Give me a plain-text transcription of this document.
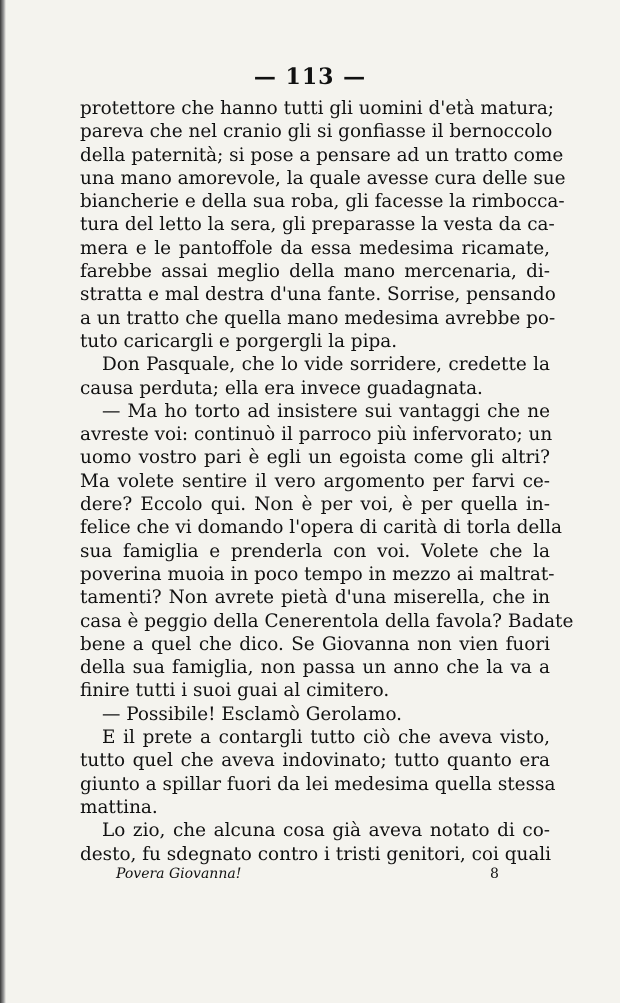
— 113 —
protettore che hanno tutti gli uomini d'età matura;
pareva che nel cranio gli si gonfiasse il bernoccolo
della paternità; si pose a pensare ad un tratto come
una mano amorevole, la quale avesse cura delle sue
biancherie e della sua roba, gli facesse la rimbocca-
tura del letto la sera, gli preparasse la vesta da ca-
mera e le pantoffole da essa medesima ricamate,
farebbe assai meglio della mano mercenaria, di-
stratta e mal destra d'una fante. Sorrise, pensando
a un tratto che quella mano medesima avrebbe po-
tuto caricargli e porgergli la pipa.
Don Pasquale, che lo vide sorridere, credette la
causa perduta; ella era invece guadagnata.
— Ma ho torto ad insistere sui vantaggi che ne
avreste voi: continuò il parroco più infervorato; un
uomo vostro pari è egli un egoista come gli altri?
Ma volete sentire il vero argomento per farvi ce-
dere? Eccolo qui. Non è per voi, è per quella in-
felice che vi domando l'opera di carità di torla della
sua famiglia e prenderla con voi. Volete che la
poverina muoia in poco tempo in mezzo ai maltrat-
tamenti? Non avrete pietà d'una miserella, che in
casa è peggio della Cenerentola della favola? Badate
bene a quel che dico. Se Giovanna non vien fuori
della sua famiglia, non passa un anno che la va a
finire tutti i suoi guai al cimitero.
— Possibile! Esclamò Gerolamo.
E il prete a contargli tutto ciò che aveva visto,
tutto quel che aveva indovinato; tutto quanto era
giunto a spillar fuori da lei medesima quella stessa
mattina.
Lo zio, che alcuna cosa già aveva notato di co-
desto, fu sdegnato contro i tristi genitori, coi quali
Povera Giovanna!	8
